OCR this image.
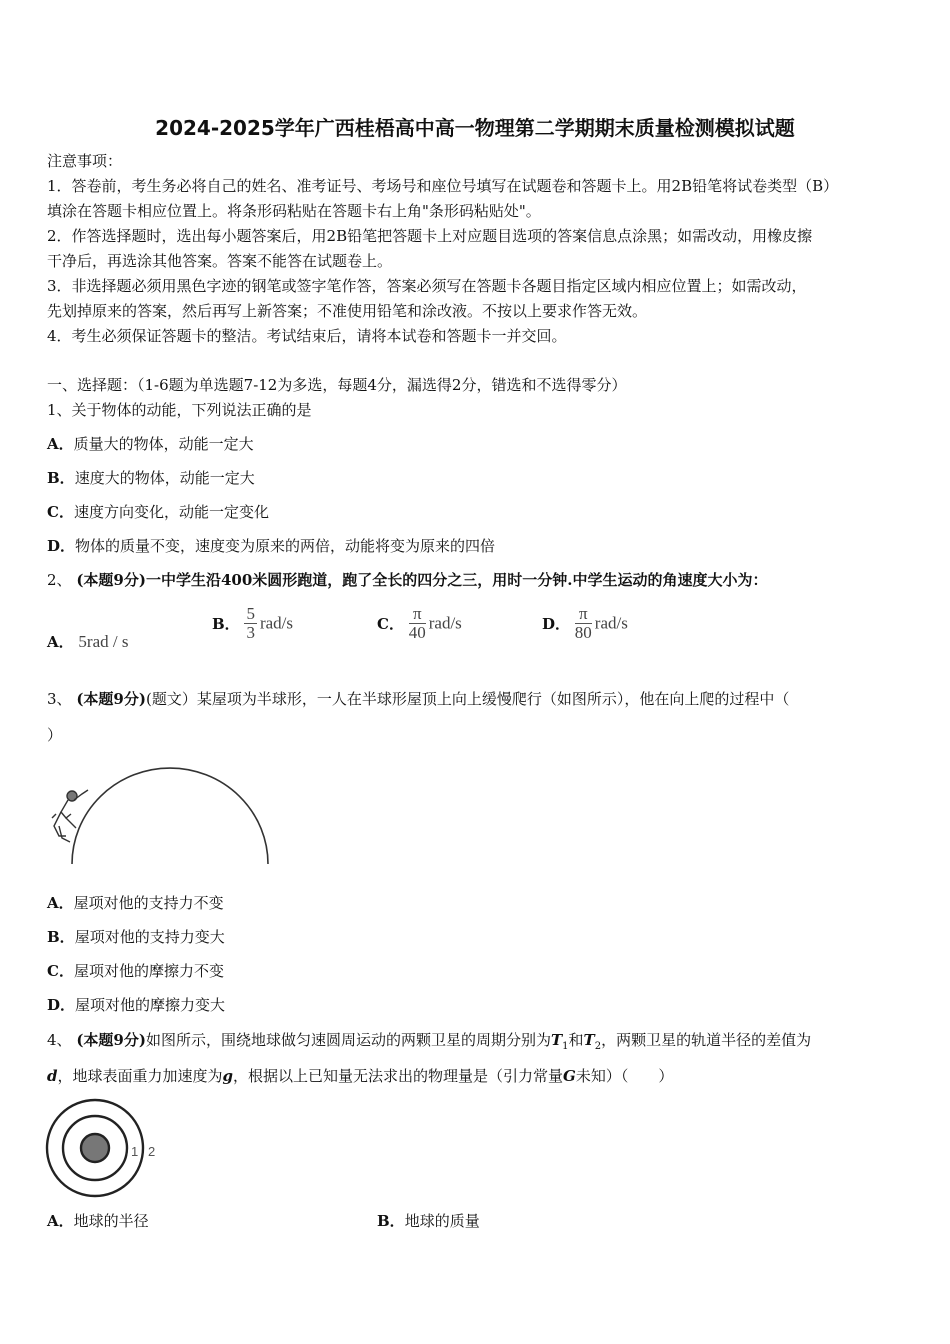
2024-2025学年广西桂梧高中高一物理第二学期期末质量检测模拟试题
注意事项：
1．答卷前，考生务必将自己的姓名、准考证号、考场号和座位号填写在试题卷和答题卡上。用2B铅笔将试卷类型（B）
填涂在答题卡相应位置上。将条形码粘贴在答题卡右上角"条形码粘贴处"。
2．作答选择题时，选出每小题答案后，用2B铅笔把答题卡上对应题目选项的答案信息点涂黑；如需改动，用橡皮擦
干净后，再选涂其他答案。答案不能答在试题卷上。
3．非选择题必须用黑色字迹的钢笔或签字笔作答，答案必须写在答题卡各题目指定区域内相应位置上；如需改动，
先划掉原来的答案，然后再写上新答案；不准使用铅笔和涂改液。不按以上要求作答无效。
4．考生必须保证答题卡的整洁。考试结束后，请将本试卷和答题卡一并交回。
一、选择题：（1-6题为单选题7-12为多选，每题4分，漏选得2分，错选和不选得零分）
1、关于物体的动能，下列说法正确的是
A．质量大的物体，动能一定大
B．速度大的物体，动能一定大
C．速度方向变化，动能一定变化
D．物体的质量不变，速度变为原来的两倍，动能将变为原来的四倍
2、 (本题9分)一中学生沿400米圆形跑道，跑了全长的四分之三，用时一分钟.中学生运动的角速度大小为：
A． 5rad / s
B． $\frac{5}{3} rad/s$	C． $\frac{\pi}{40} rad/s$	D． $\frac{\pi}{80} rad/s$
3、 (本题9分)(题文）某屋项为半球形，一人在半球形屋顶上向上缓慢爬行（如图所示），他在向上爬的过程中（
）
A．屋项对他的支持力不变
B．屋项对他的支持力变大
C．屋项对他的摩擦力不变
D．屋项对他的摩擦力变大
4、 (本题9分)如图所示，围绕地球做匀速圆周运动的两颗卫星的周期分别为$T_1$和$T_2$，两颗卫星的轨道半径的差值为
d，地球表面重力加速度为g，根据以上已知量无法求出的物理量是（引力常量G未知）（　　）
1 2
A．地球的半径	B．地球的质量
